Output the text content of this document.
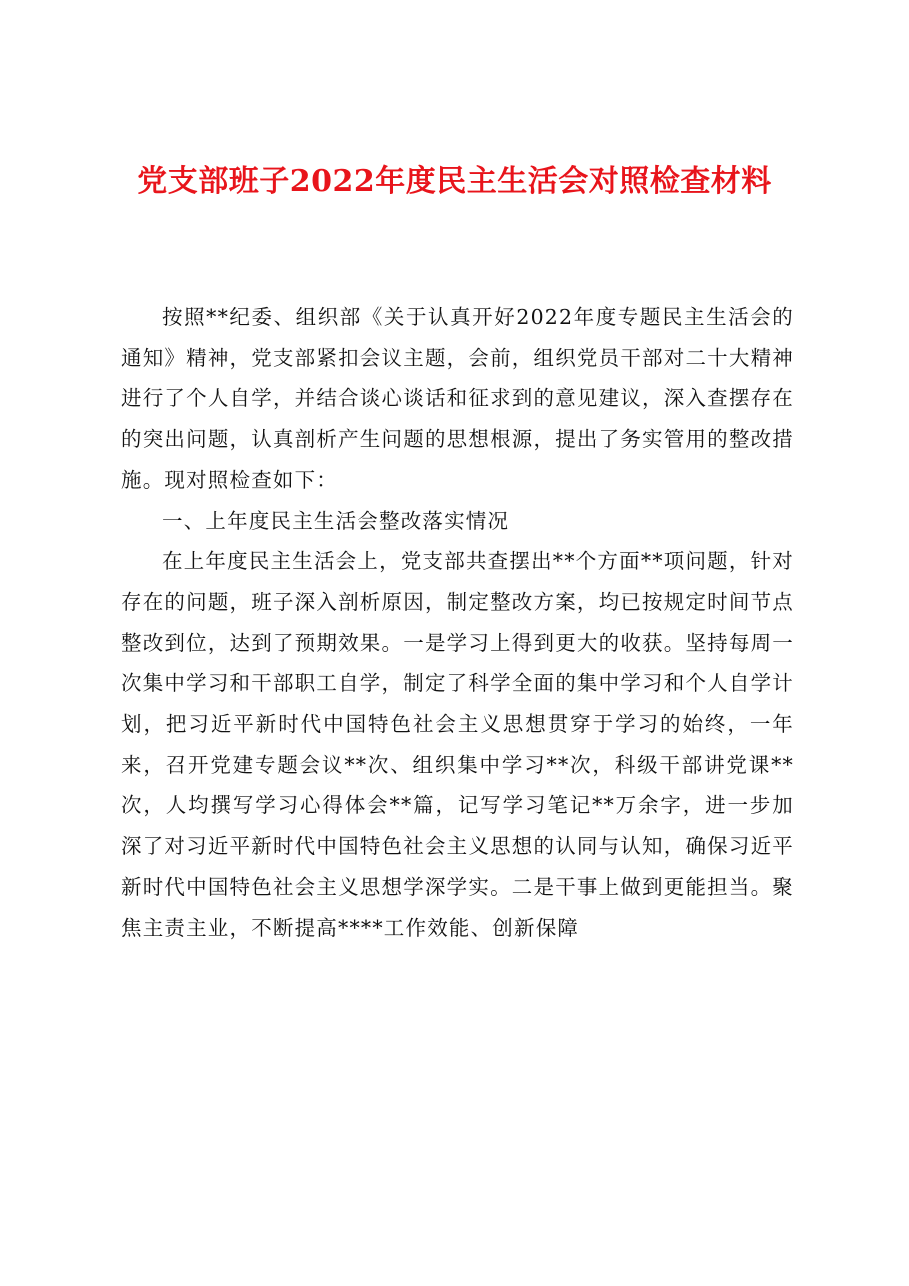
党支部班子2022年度民主生活会对照检查材料

按照**纪委、组织部《关于认真开好2022年度专题民主生活会的通知》精神，党支部紧扣会议主题，会前，组织党员干部对二十大精神进行了个人自学，并结合谈心谈话和征求到的意见建议，深入查摆存在的突出问题，认真剖析产生问题的思想根源，提出了务实管用的整改措施。现对照检查如下：

一、上年度民主生活会整改落实情况

在上年度民主生活会上，党支部共查摆出**个方面**项问题，针对存在的问题，班子深入剖析原因，制定整改方案，均已按规定时间节点整改到位，达到了预期效果。一是学习上得到更大的收获。坚持每周一次集中学习和干部职工自学，制定了科学全面的集中学习和个人自学计划，把习近平新时代中国特色社会主义思想贯穿于学习的始终，一年来，召开党建专题会议**次、组织集中学习**次，科级干部讲党课**次，人均撰写学习心得体会**篇，记写学习笔记**万余字，进一步加深了对习近平新时代中国特色社会主义思想的认同与认知，确保习近平新时代中国特色社会主义思想学深学实。二是干事上做到更能担当。聚焦主责主业，不断提高****工作效能、创新保障
